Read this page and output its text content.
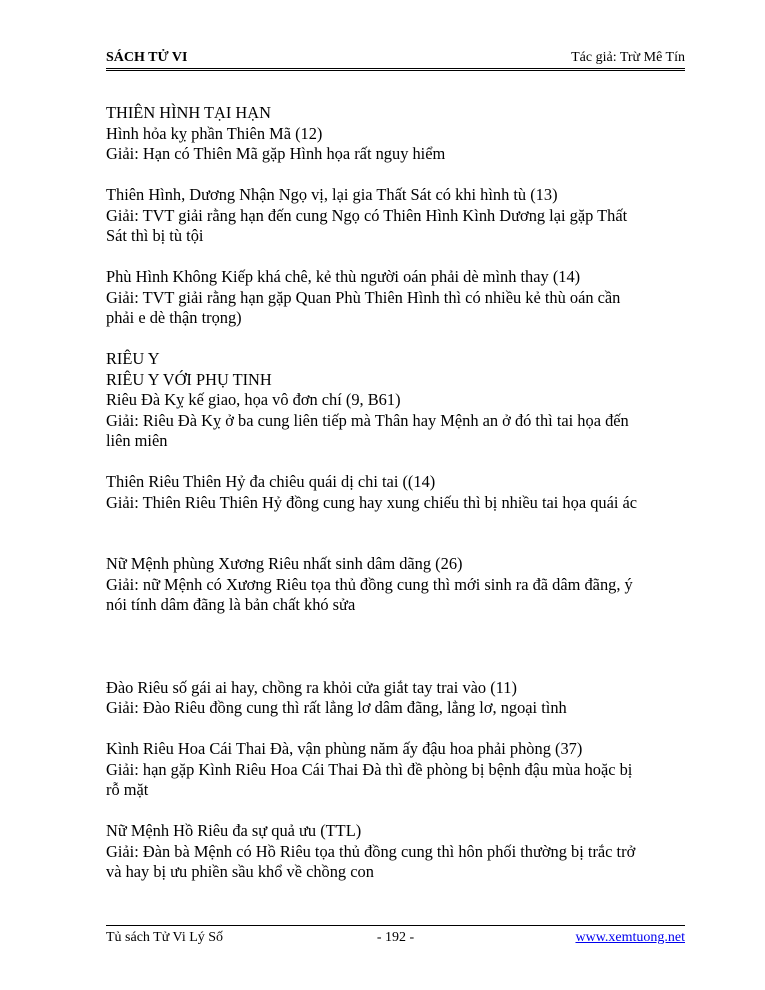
SÁCH TỬ VI	Tác giả: Trừ Mê Tín
THIÊN HÌNH TẠI HẠN
Hình hỏa kỵ phần Thiên Mã (12)
Giải: Hạn có Thiên Mã gặp Hình họa rất nguy hiểm
Thiên Hình, Dương Nhận Ngọ vị, lại gia Thất Sát có khi hình tù (13)
Giải: TVT giải rằng hạn đến cung Ngọ có Thiên Hình Kình Dương lại gặp Thất
Sát thì bị tù tội
Phù Hình Không Kiếp khá chê, kẻ thù người oán phải dè mình thay (14)
Giải: TVT giải rằng hạn gặp Quan Phù Thiên Hình thì có nhiều kẻ thù oán cần
phải e dè thận trọng)
RIÊU Y
RIÊU Y VỚI PHỤ TINH
Riêu Đà Kỵ kế giao, họa vô đơn chí (9, B61)
Giải: Riêu Đà Kỵ ở ba cung liên tiếp mà Thân hay Mệnh an ở đó thì tai họa đến
liên miên
Thiên Riêu Thiên Hỷ đa chiêu quái dị chi tai ((14)
Giải: Thiên Riêu Thiên Hỷ đồng cung hay xung chiếu thì bị nhiều tai họa quái ác
Nữ Mệnh phùng Xương Riêu nhất sinh dâm dãng (26)
Giải: nữ Mệnh có Xương Riêu tọa thủ đồng cung thì mới sinh ra đã dâm đãng, ý
nói tính dâm đãng là bản chất khó sửa
Đào Riêu số gái ai hay, chồng ra khỏi cửa giắt tay trai vào (11)
Giải: Đào Riêu đồng cung thì rất lẳng lơ dâm đãng, lẳng lơ, ngoại tình
Kình Riêu Hoa Cái Thai Đà, vận phùng năm ấy đậu hoa phải phòng (37)
Giải: hạn gặp Kình Riêu Hoa Cái Thai Đà thì đề phòng bị bệnh đậu mùa hoặc bị
rỗ mặt
Nữ Mệnh Hồ Riêu đa sự quả ưu (TTL)
Giải: Đàn bà Mệnh có Hồ Riêu tọa thủ đồng cung thì hôn phối thường bị trắc trở
và hay bị ưu phiền sầu khổ về chồng con
Tủ sách Tử Vi Lý Số	- 192 -	www.xemtuong.net
